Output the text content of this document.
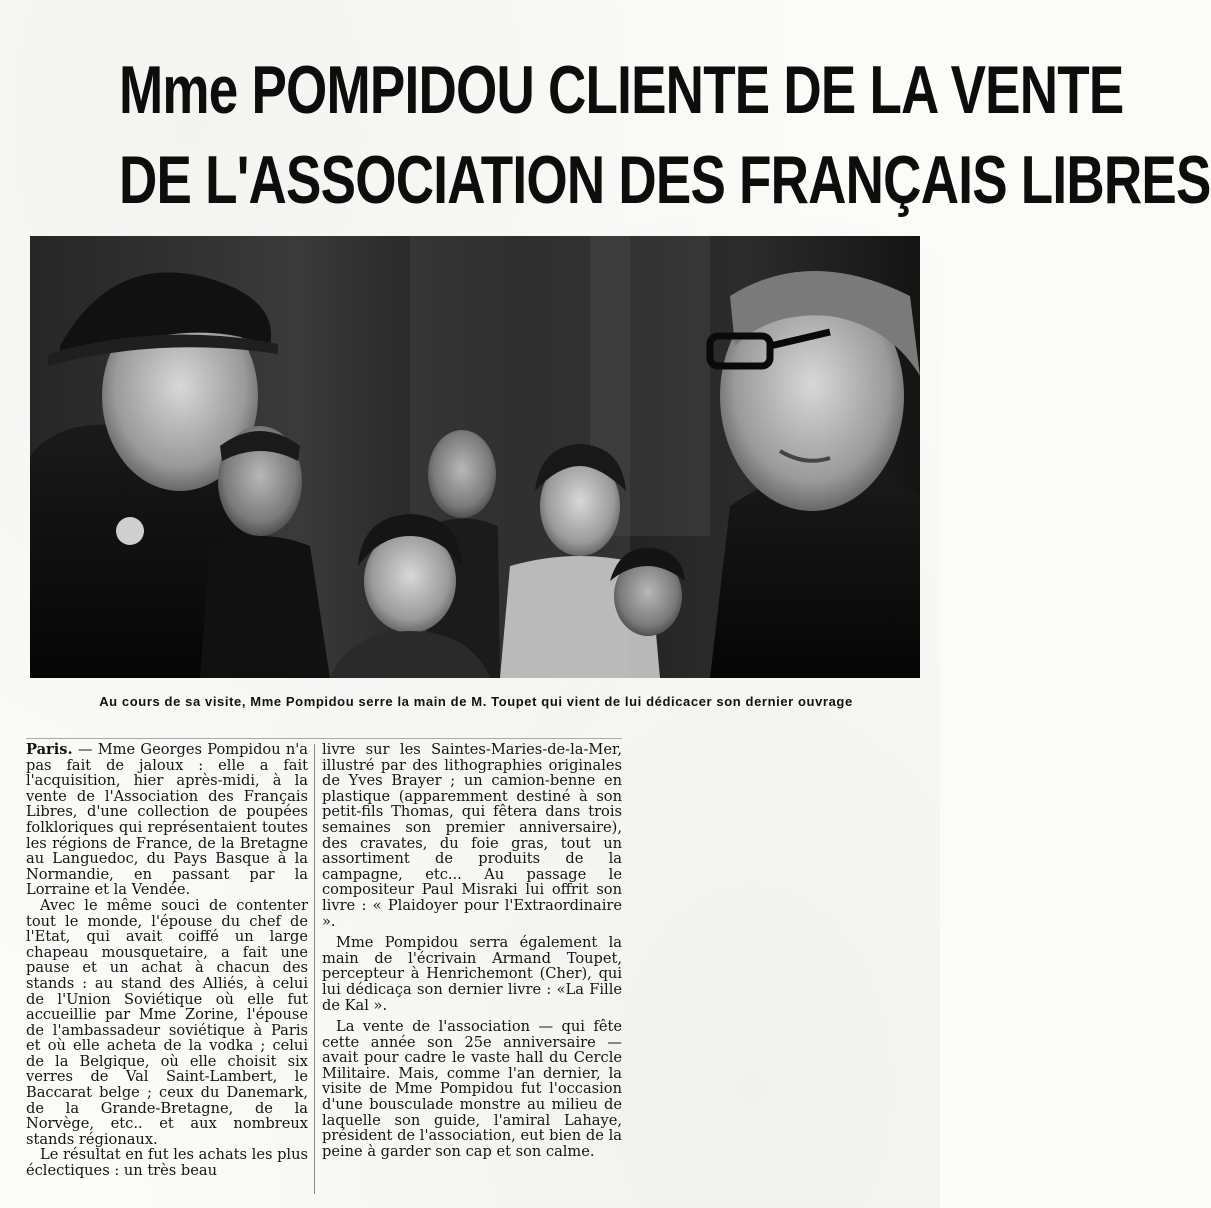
Mme POMPIDOU CLIENTE DE LA VENTE
DE L'ASSOCIATION DES FRANÇAIS LIBRES
Au cours de sa visite, Mme Pompidou serre la main de M. Toupet qui vient de lui dédicacer son dernier ouvrage

Paris. — Mme Georges Pompidou n'a pas fait de jaloux : elle a fait l'acquisition, hier après-midi, à la vente de l'Association des Français Libres, d'une collection de poupées folkloriques qui représentaient toutes les régions de France, de la Bretagne au Languedoc, du Pays Basque à la Normandie, en passant par la Lorraine et la Vendée.

Avec le même souci de contenter tout le monde, l'épouse du chef de l'Etat, qui avait coiffé un large chapeau mousquetaire, a fait une pause et un achat à chacun des stands : au stand des Alliés, à celui de l'Union Soviétique où elle fut accueillie par Mme Zorine, l'épouse de l'ambassadeur soviétique à Paris et où elle acheta de la vodka ; celui de la Belgique, où elle choisit six verres de Val Saint-Lambert, le Baccarat belge ; ceux du Danemark, de la Grande-Bretagne, de la Norvège, etc.. et aux nombreux stands régionaux.

Le résultat en fut les achats les plus éclectiques : un très beau

livre sur les Saintes-Maries-de-la-Mer, illustré par des lithographies originales de Yves Brayer ; un camion-benne en plastique (apparemment destiné à son petit-fils Thomas, qui fêtera dans trois semaines son premier anniversaire), des cravates, du foie gras, tout un assortiment de produits de la campagne, etc... Au passage le compositeur Paul Misraki lui offrit son livre : « Plaidoyer pour l'Extraordinaire ».

Mme Pompidou serra également la main de l'écrivain Armand Toupet, percepteur à Henrichemont (Cher), qui lui dédicaça son dernier livre : «La Fille de Kal ».

La vente de l'association — qui fête cette année son 25e anniversaire — avait pour cadre le vaste hall du Cercle Militaire. Mais, comme l'an dernier, la visite de Mme Pompidou fut l'occasion d'une bousculade monstre au milieu de laquelle son guide, l'amiral Lahaye, président de l'association, eut bien de la peine à garder son cap et son calme.
